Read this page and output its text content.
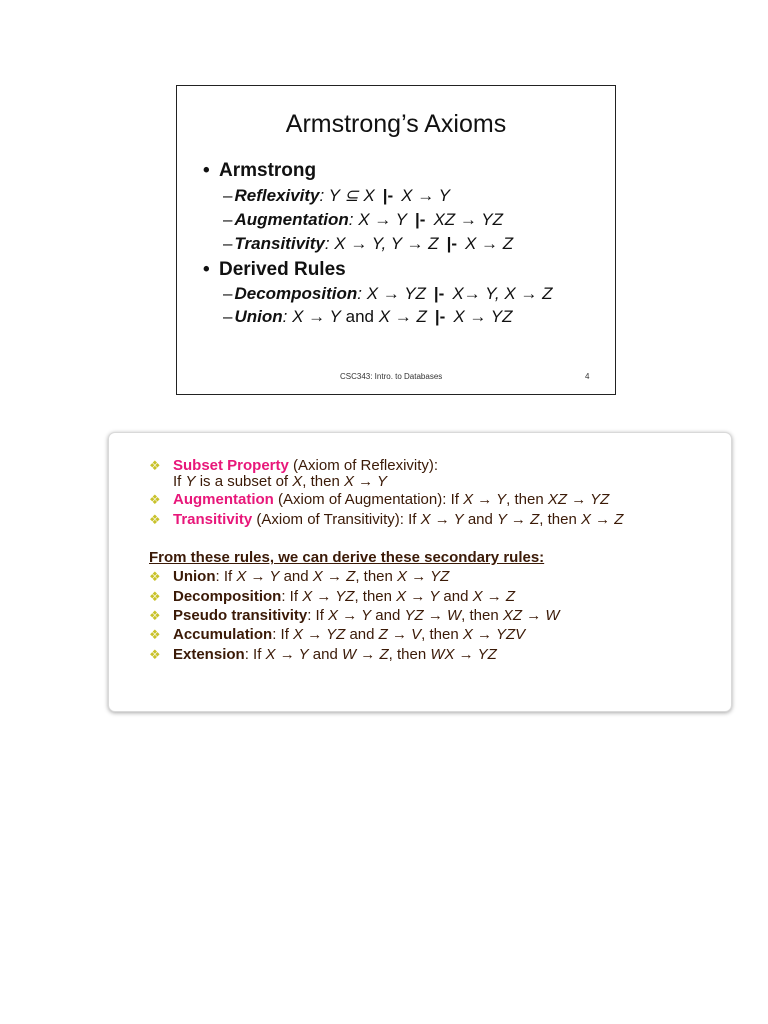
Armstrong’s Axioms
• Armstrong
– Reflexivity: Y ⊆ X |- X → Y
– Augmentation: X → Y |- XZ → YZ
– Transitivity: X → Y, Y → Z |- X → Z
• Derived Rules
– Decomposition: X → YZ |- X→ Y, X → Z
– Union: X → Y and X → Z |- X → YZ
CSC343: Intro. to Databases	4
❖ Subset Property (Axiom of Reflexivity):
If Y is a subset of X, then X → Y
❖ Augmentation (Axiom of Augmentation): If X → Y, then XZ → YZ
❖ Transitivity (Axiom of Transitivity): If X → Y and Y → Z, then X → Z
From these rules, we can derive these secondary rules:
❖ Union: If X → Y and X → Z, then X → YZ
❖ Decomposition: If X → YZ, then X → Y and X → Z
❖ Pseudo transitivity: If X → Y and YZ → W, then XZ → W
❖ Accumulation: If X → YZ and Z → V, then X → YZV
❖ Extension: If X → Y and W → Z, then WX → YZ
